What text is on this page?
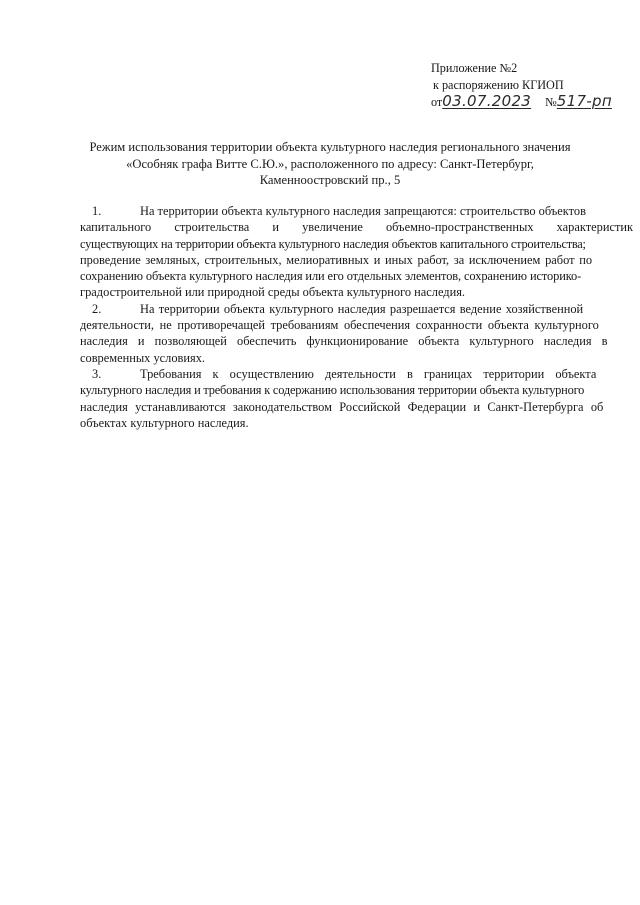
Приложение №2
к распоряжению КГИОП
от03.07.2023 №517-рп
Режим использования территории объекта культурного наследия регионального значения
«Особняк графа Витте С.Ю.», расположенного по адресу: Санкт-Петербург,
Каменноостровский пр., 5

1.	На территории объекта культурного наследия запрещаются: строительство объектов
капитального строительства и увеличение объемно-пространственных характеристик
существующих на территории объекта культурного наследия объектов капитального строительства;
проведение земляных, строительных, мелиоративных и иных работ, за исключением работ по
сохранению объекта культурного наследия или его отдельных элементов, сохранению историко-
градостроительной или природной среды объекта культурного наследия.

2.	На территории объекта культурного наследия разрешается ведение хозяйственной
деятельности, не противоречащей требованиям обеспечения сохранности объекта культурного
наследия и позволяющей обеспечить функционирование объекта культурного наследия в
современных условиях.

3.	Требования к осуществлению деятельности в границах территории объекта
культурного наследия и требования к содержанию использования территории объекта культурного
наследия устанавливаются законодательством Российской Федерации и Санкт-Петербурга об
объектах культурного наследия.
